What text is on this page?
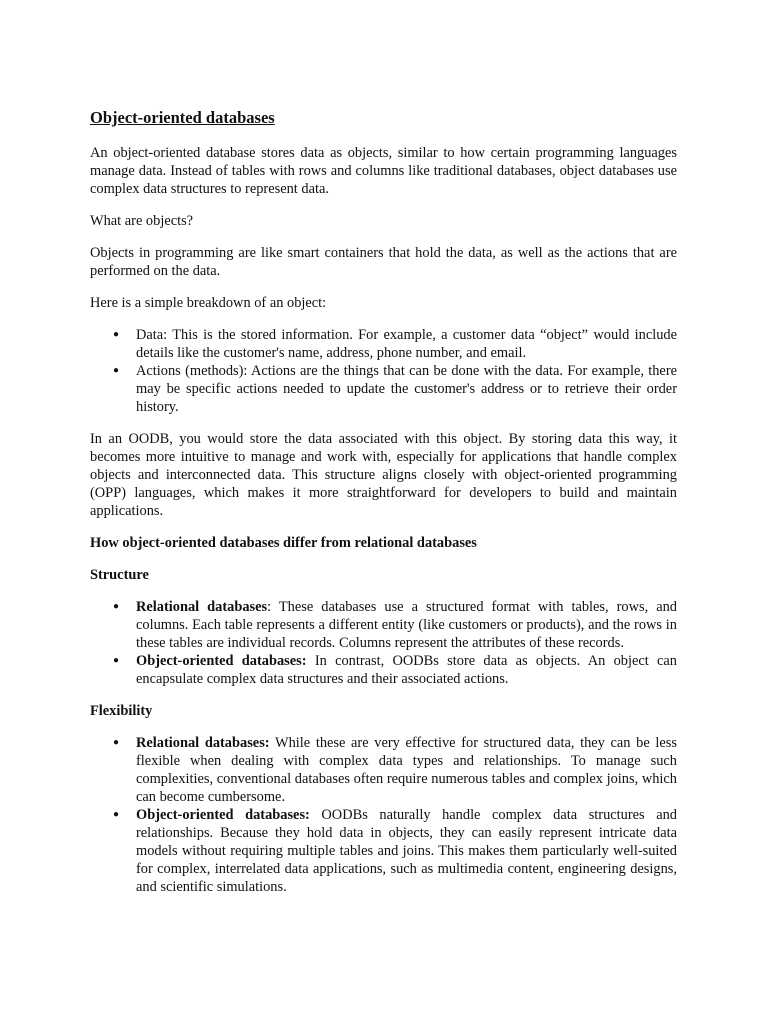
Object-oriented databases

An object-oriented database stores data as objects, similar to how certain programming languages manage data. Instead of tables with rows and columns like traditional databases, object databases use complex data structures to represent data.

What are objects?

Objects in programming are like smart containers that hold the data, as well as the actions that are performed on the data.

Here is a simple breakdown of an object:

● Data: This is the stored information. For example, a customer data “object” would include details like the customer's name, address, phone number, and email.
● Actions (methods): Actions are the things that can be done with the data. For example, there may be specific actions needed to update the customer's address or to retrieve their order history.

In an OODB, you would store the data associated with this object. By storing data this way, it becomes more intuitive to manage and work with, especially for applications that handle complex objects and interconnected data. This structure aligns closely with object-oriented programming (OPP) languages, which makes it more straightforward for developers to build and maintain applications.

How object-oriented databases differ from relational databases

Structure

● Relational databases: These databases use a structured format with tables, rows, and columns. Each table represents a different entity (like customers or products), and the rows in these tables are individual records. Columns represent the attributes of these records.
● Object-oriented databases: In contrast, OODBs store data as objects. An object can encapsulate complex data structures and their associated actions.

Flexibility

● Relational databases: While these are very effective for structured data, they can be less flexible when dealing with complex data types and relationships. To manage such complexities, conventional databases often require numerous tables and complex joins, which can become cumbersome.
● Object-oriented databases: OODBs naturally handle complex data structures and relationships. Because they hold data in objects, they can easily represent intricate data models without requiring multiple tables and joins. This makes them particularly well-suited for complex, interrelated data applications, such as multimedia content, engineering designs, and scientific simulations.
